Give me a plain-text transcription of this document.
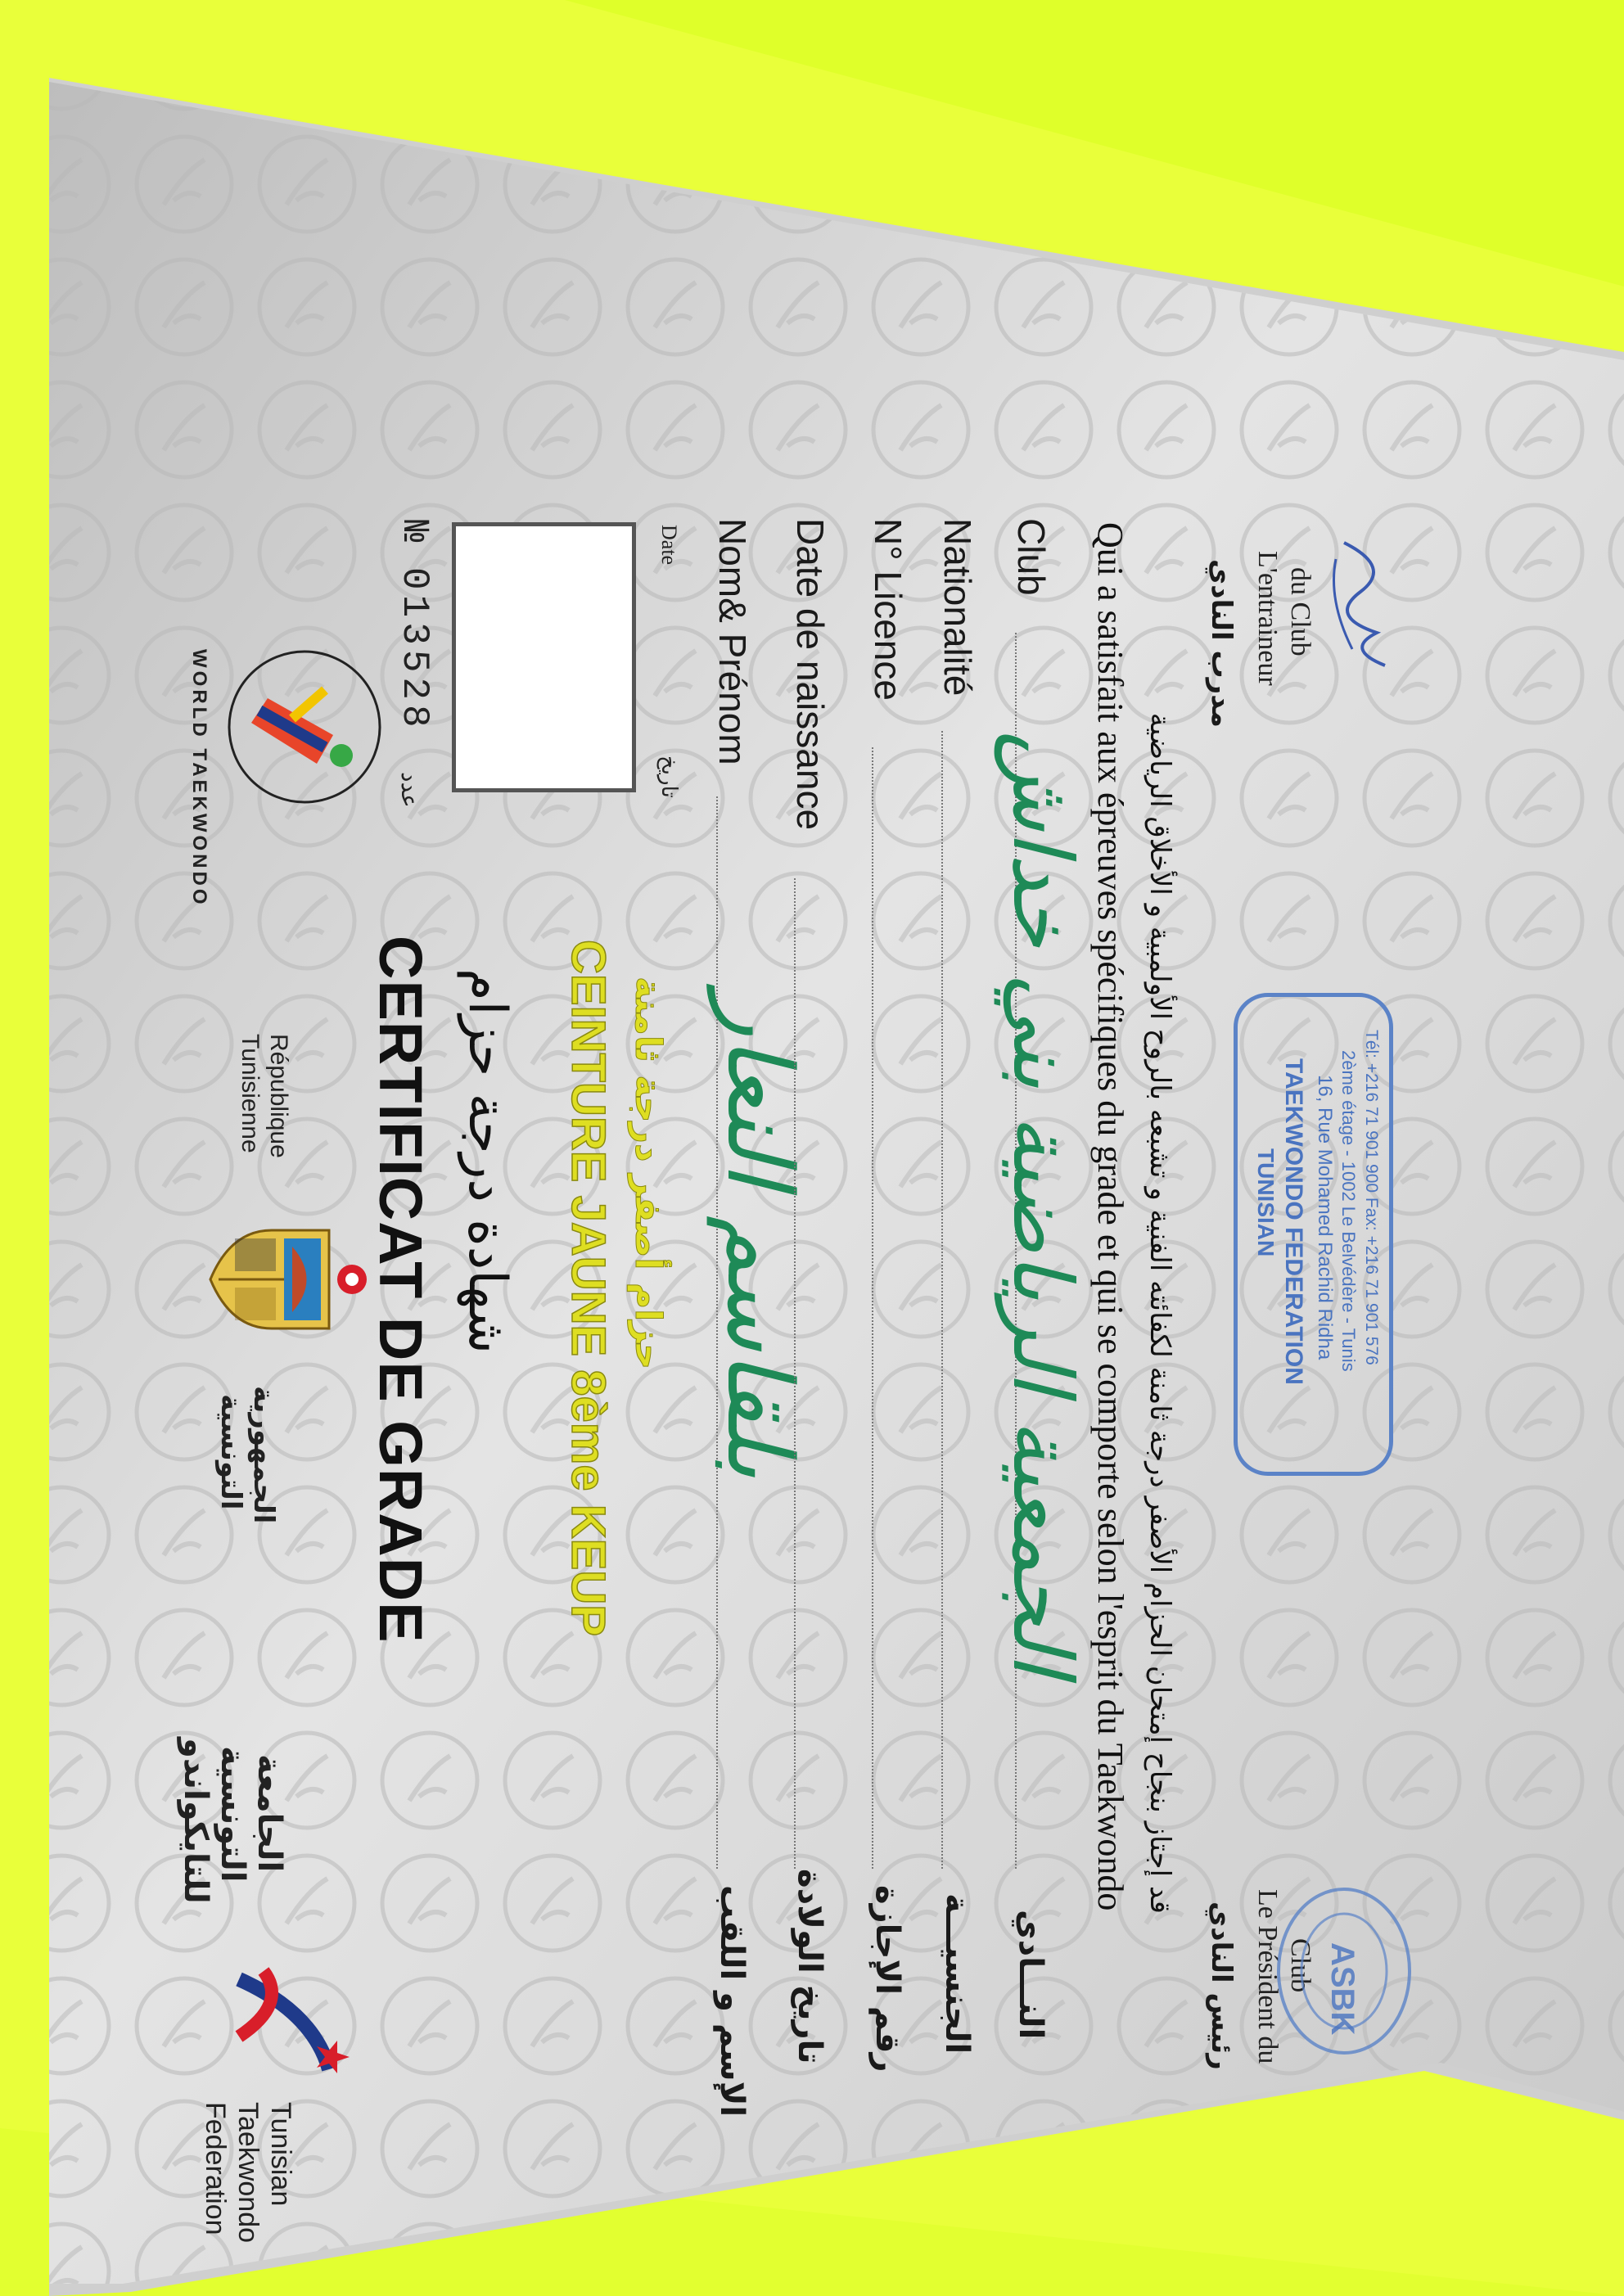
WORLD TAEKWONDO
République
Tunisienne
الجمهورية
التونسية
الجامعة
التونسية
للتايكواندو
Tunisian
Taekwondo
Federation
№
013528
عدد
Date
تاريخ
CERTIFICAT DE GRADE شهادة درجة حزام CEINTURE JAUNE 8ème KEUP حزام أصفر درجة ثامنة
Nom& Prénom
الإسم و اللقب
بلقاسم النعار
Date de naissance
تاريخ الولادة
N° Licence
رقم الإجازة
Nationalité
الجنسيـــة
Club
النـــادي
الجمعية الرياضية بني خداش Qui a satisfait aux épreuves spécifiques du grade et qui se comporte selon l'esprit du Taekwondo قد إجتاز بنجاح إمتحان الحزام الأصفر درجة ثامنة لكفائته الفنية و تشبعه بالروح الأولمبية و الأخلاق الرياضية
مدرب النادي L'entraineur du Club
رئيس النادي Le Président du Club ASBK
TUNISIAN TAEKWONDO FEDERATION 16, Rue Mohamed Rachid Ridha 2ème étage - 1002 Le Belvédère - Tunis Tél: +216 71 901 900 Fax: +216 71 901 576
